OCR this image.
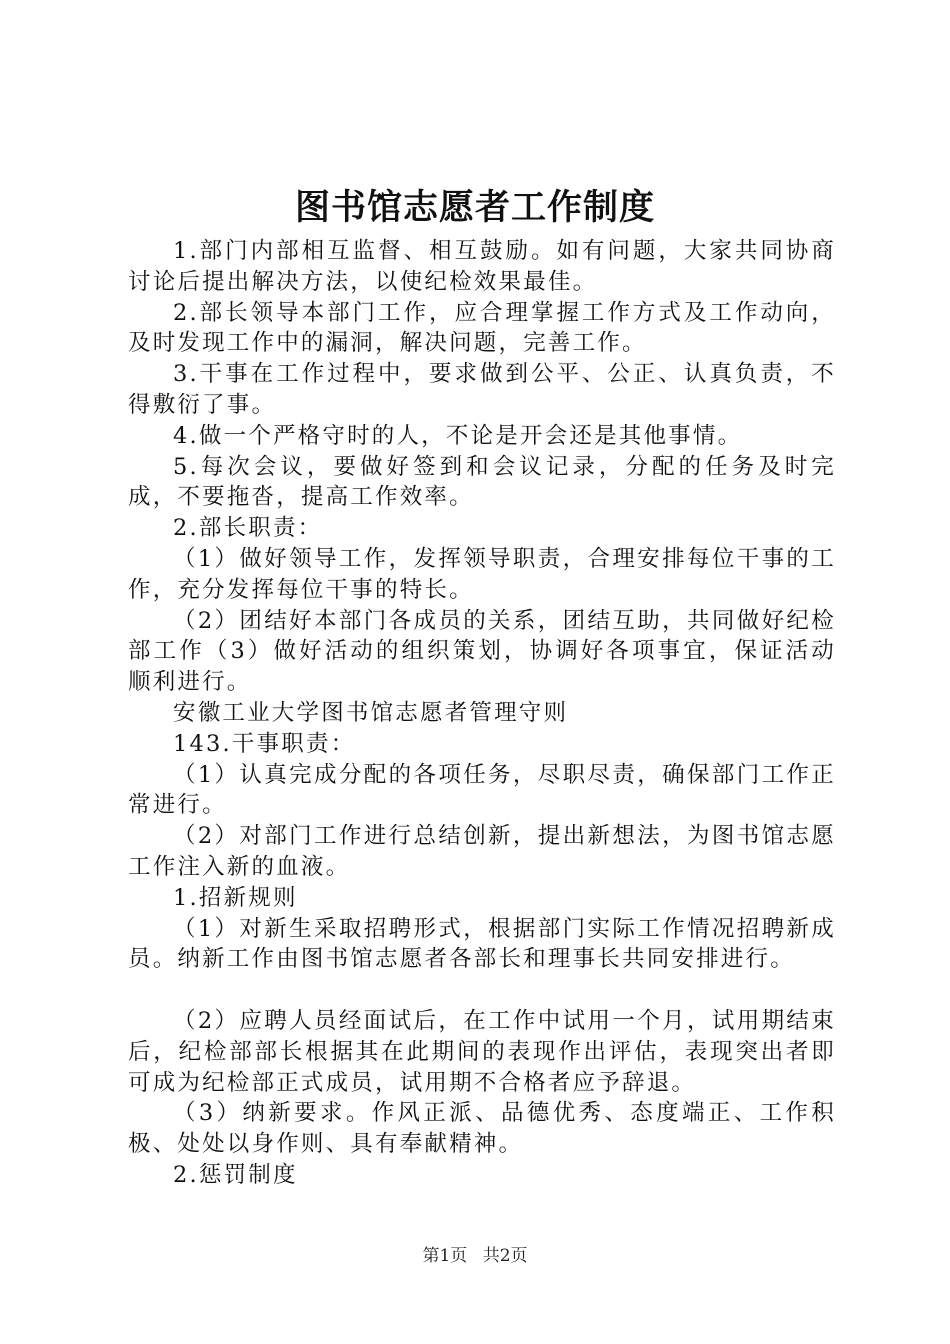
图书馆志愿者工作制度

1.部门内部相互监督、相互鼓励。如有问题，大家共同协商讨论后提出解决方法，以使纪检效果最佳。

2.部长领导本部门工作，应合理掌握工作方式及工作动向，及时发现工作中的漏洞，解决问题，完善工作。

3.干事在工作过程中，要求做到公平、公正、认真负责，不得敷衍了事。

4.做一个严格守时的人，不论是开会还是其他事情。

5.每次会议，要做好签到和会议记录，分配的任务及时完成，不要拖沓，提高工作效率。

2.部长职责：

（1）做好领导工作，发挥领导职责，合理安排每位干事的工作，充分发挥每位干事的特长。

（2）团结好本部门各成员的关系，团结互助，共同做好纪检部工作（3）做好活动的组织策划，协调好各项事宜，保证活动顺利进行。

安徽工业大学图书馆志愿者管理守则

143.干事职责：

（1）认真完成分配的各项任务，尽职尽责，确保部门工作正常进行。

（2）对部门工作进行总结创新，提出新想法，为图书馆志愿工作注入新的血液。

1.招新规则

（1）对新生采取招聘形式，根据部门实际工作情况招聘新成员。纳新工作由图书馆志愿者各部长和理事长共同安排进行。

（2）应聘人员经面试后，在工作中试用一个月，试用期结束后，纪检部部长根据其在此期间的表现作出评估，表现突出者即可成为纪检部正式成员，试用期不合格者应予辞退。

（3）纳新要求。作风正派、品德优秀、态度端正、工作积极、处处以身作则、具有奉献精神。

2.惩罚制度

第1页 共2页
